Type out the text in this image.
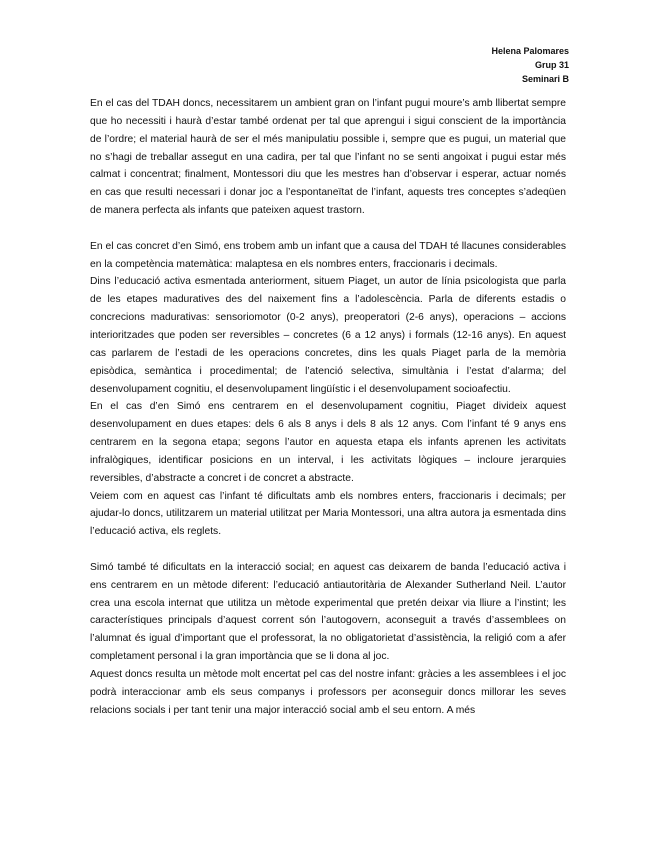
Helena Palomares
Grup 31
Seminari B

En el cas del TDAH doncs, necessitarem un ambient gran on l’infant pugui moure’s amb llibertat sempre que ho necessiti i haurà d’estar també ordenat per tal que aprengui i sigui conscient de la importància de l’ordre; el material haurà de ser el més manipulatiu possible i, sempre que es pugui, un material que no s’hagi de treballar assegut en una cadira, per tal que l’infant no se senti angoixat i pugui estar més calmat i concentrat; finalment, Montessori diu que les mestres han d’observar i esperar, actuar només en cas que resulti necessari i donar joc a l’espontaneïtat de l’infant, aquests tres conceptes s’adeqüen de manera perfecta als infants que pateixen aquest trastorn.

En el cas concret d’en Simó, ens trobem amb un infant que a causa del TDAH té llacunes considerables en la competència matemàtica: malaptesa en els nombres enters, fraccionaris i decimals.

Dins l’educació activa esmentada anteriorment, situem Piaget, un autor de línia psicologista que parla de les etapes maduratives des del naixement fins a l’adolescència. Parla de diferents estadis o concrecions madurativas: sensoriomotor (0-2 anys), preoperatori (2-6 anys), operacions – accions interioritzades que poden ser reversibles – concretes (6 a 12 anys) i formals (12-16 anys). En aquest cas parlarem de l’estadi de les operacions concretes, dins les quals Piaget parla de la memòria episòdica, semàntica i procedimental; de l’atenció selectiva, simultània i l’estat d’alarma; del desenvolupament cognitiu, el desenvolupament lingüístic i el desenvolupament socioafectiu.

En el cas d’en Simó ens centrarem en el desenvolupament cognitiu, Piaget divideix aquest desenvolupament en dues etapes: dels 6 als 8 anys i dels 8 als 12 anys. Com l’infant té 9 anys ens centrarem en la segona etapa; segons l’autor en aquesta etapa els infants aprenen les activitats infralògiques, identificar posicions en un interval, i les activitats lògiques – incloure jerarquies reversibles, d’abstracte a concret i de concret a abstracte.

Veiem com en aquest cas l’infant té dificultats amb els nombres enters, fraccionaris i decimals; per ajudar-lo doncs, utilitzarem un material utilitzat per Maria Montessori, una altra autora ja esmentada dins l’educació activa, els reglets.

Simó també té dificultats en la interacció social; en aquest cas deixarem de banda l’educació activa i ens centrarem en un mètode diferent: l’educació antiautoritària de Alexander Sutherland Neil. L’autor crea una escola internat que utilitza un mètode experimental que pretén deixar via lliure a l’instint; les característiques principals d’aquest corrent són l’autogovern, aconseguit a través d’assemblees on l’alumnat és igual d’important que el professorat, la no obligatorietat d’assistència, la religió com a afer completament personal i la gran importància que se li dona al joc.

Aquest doncs resulta un mètode molt encertat pel cas del nostre infant: gràcies a les assemblees i el joc podrà interaccionar amb els seus companys i professors per aconseguir doncs millorar les seves relacions socials i per tant tenir una major interacció social amb el seu entorn. A més
